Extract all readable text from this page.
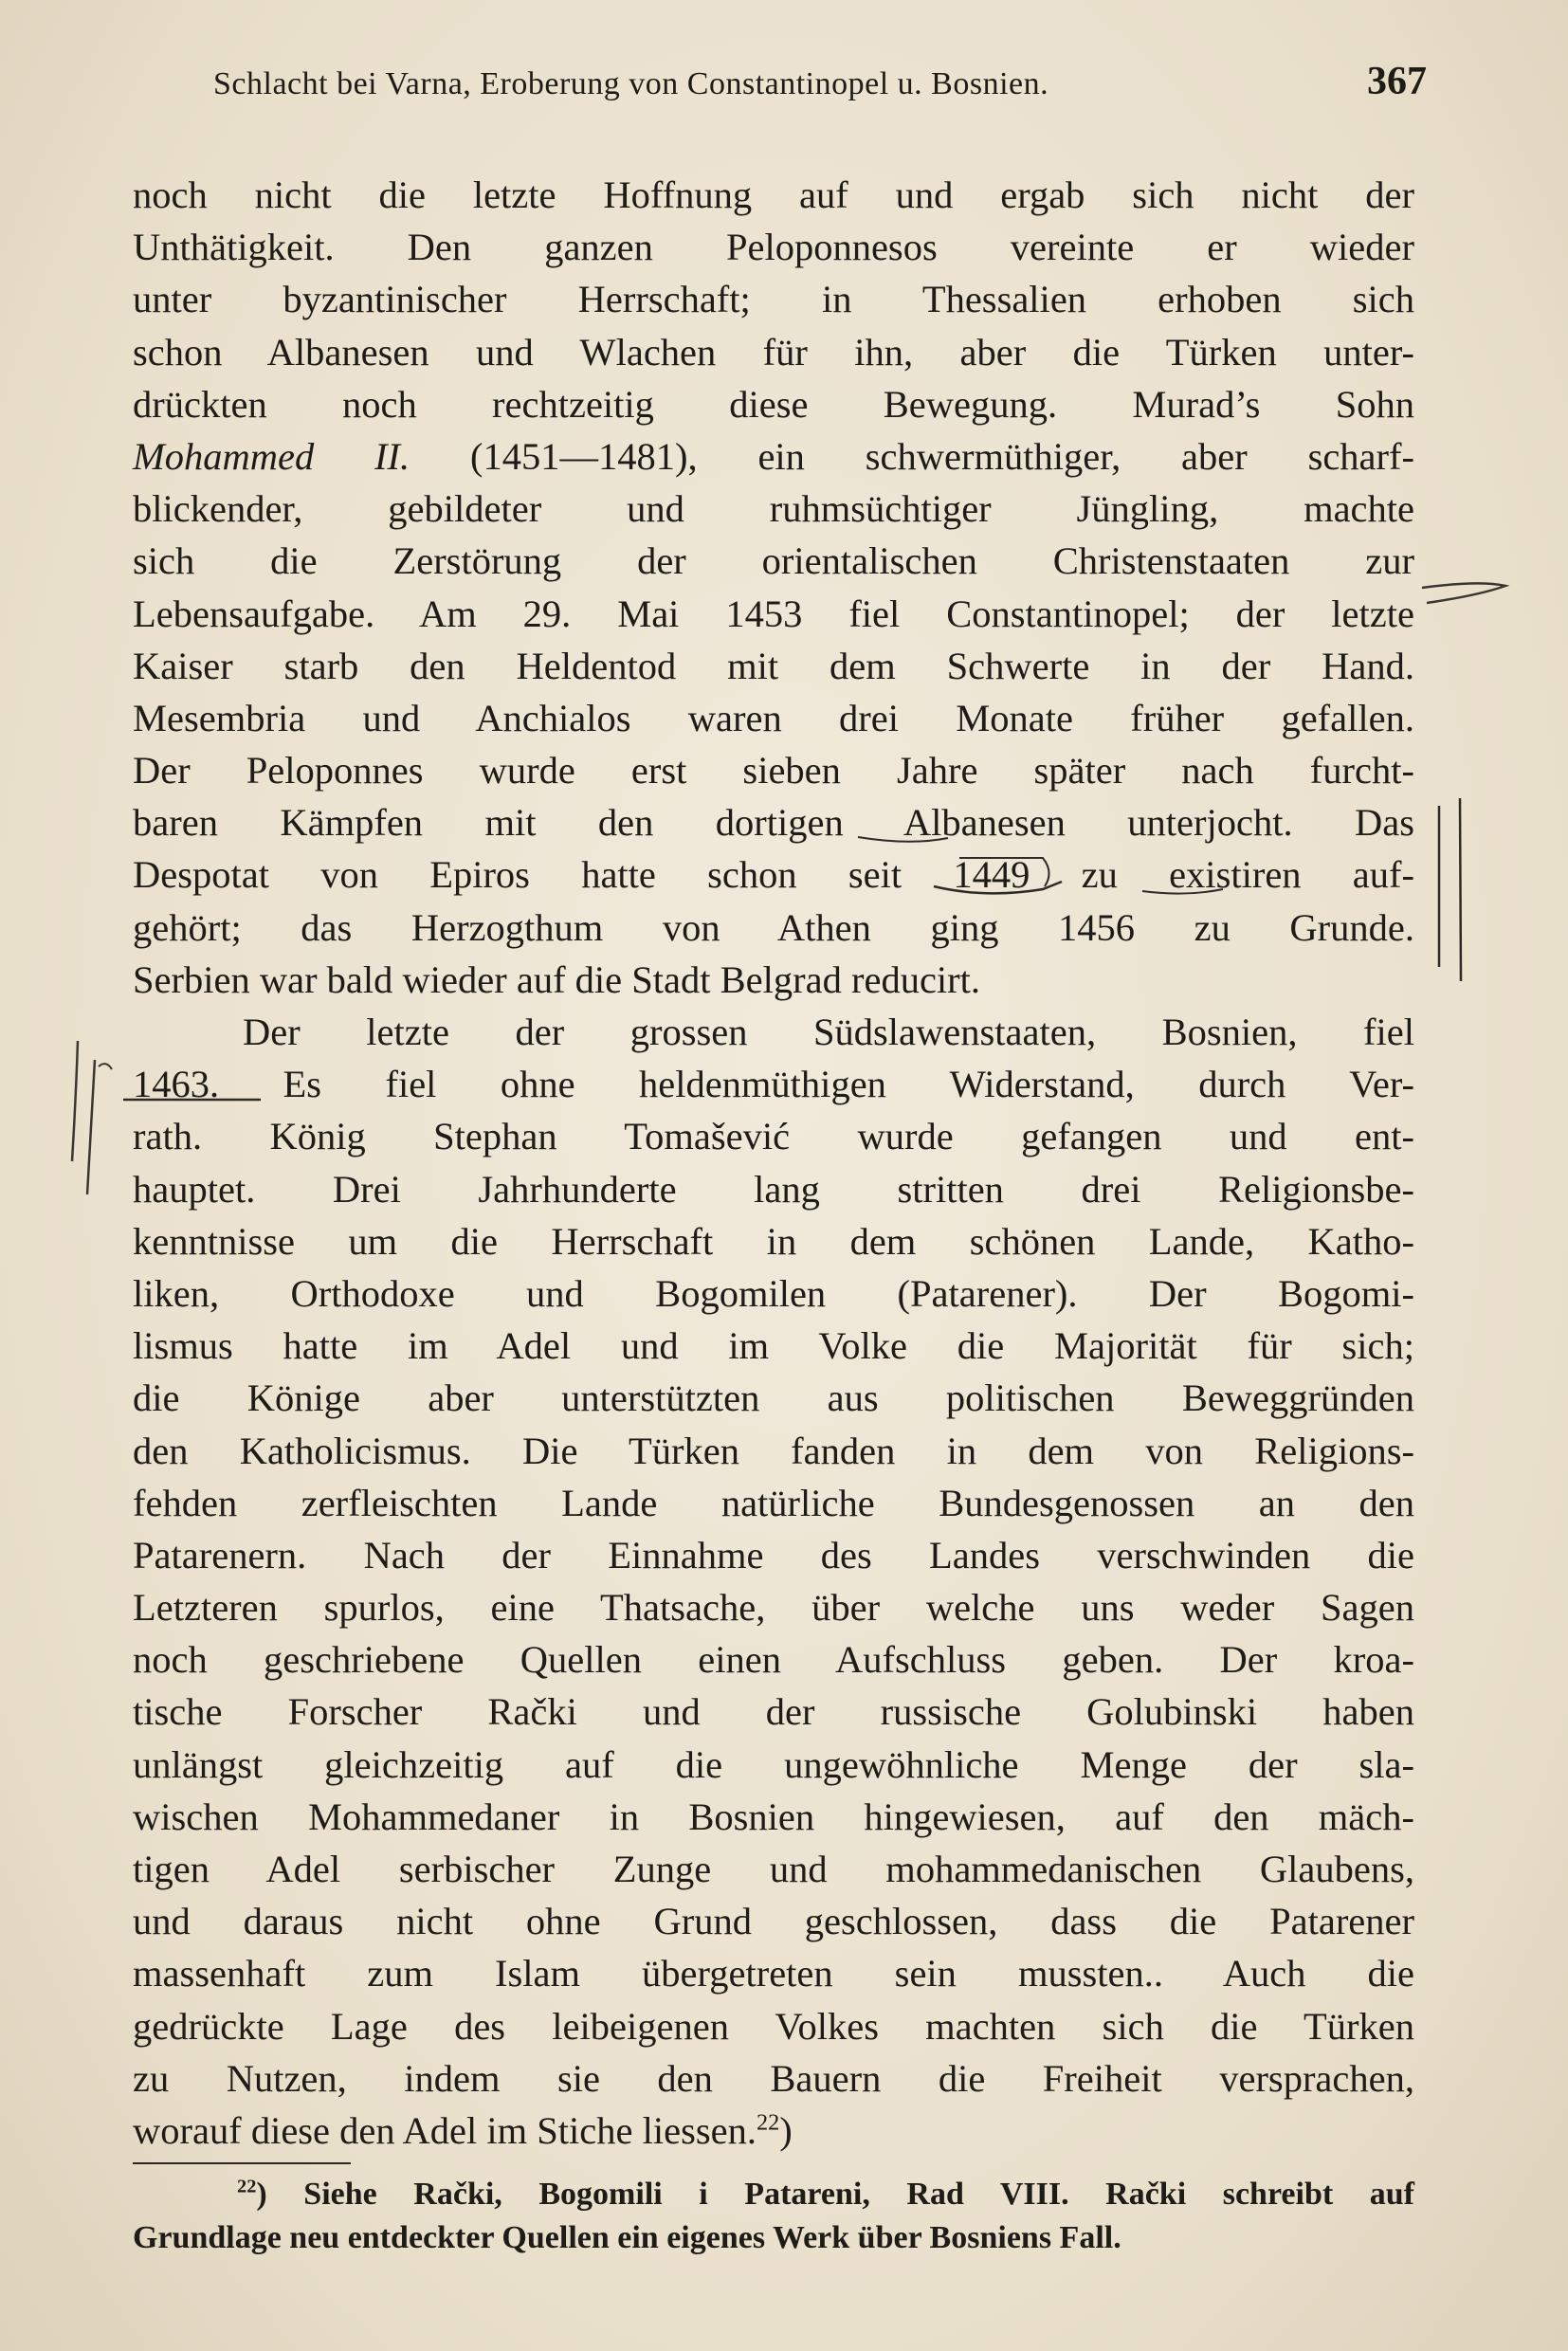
Schlacht bei Varna, Eroberung von Constantinopel u. Bosnien.	367
noch nicht die letzte Hoffnung auf und ergab sich nicht der
Unthätigkeit. Den ganzen Peloponnesos vereinte er wieder
unter byzantinischer Herrschaft; in Thessalien erhoben sich
schon Albanesen und Wlachen für ihn, aber die Türken unter-
drückten noch rechtzeitig diese Bewegung. Murad’s Sohn
Mohammed II. (1451—1481), ein schwermüthiger, aber scharf-
blickender, gebildeter und ruhmsüchtiger Jüngling, machte
sich die Zerstörung der orientalischen Christenstaaten zur
Lebensaufgabe. Am 29. Mai 1453 fiel Constantinopel; der letzte
Kaiser starb den Heldentod mit dem Schwerte in der Hand.
Mesembria und Anchialos waren drei Monate früher gefallen.
Der Peloponnes wurde erst sieben Jahre später nach furcht-
baren Kämpfen mit den dortigen Albanesen unterjocht. Das
Despotat von Epiros hatte schon seit 1449 zu existiren auf-
gehört; das Herzogthum von Athen ging 1456 zu Grunde.
Serbien war bald wieder auf die Stadt Belgrad reducirt.
Der letzte der grossen Südslawenstaaten, Bosnien, fiel
1463. Es fiel ohne heldenmüthigen Widerstand, durch Ver-
rath. König Stephan Tomašević wurde gefangen und ent-
hauptet. Drei Jahrhunderte lang stritten drei Religionsbe-
kenntnisse um die Herrschaft in dem schönen Lande, Katho-
liken, Orthodoxe und Bogomilen (Patarener). Der Bogomi-
lismus hatte im Adel und im Volke die Majorität für sich;
die Könige aber unterstützten aus politischen Beweggründen
den Katholicismus. Die Türken fanden in dem von Religions-
fehden zerfleischten Lande natürliche Bundesgenossen an den
Patarenern. Nach der Einnahme des Landes verschwinden die
Letzteren spurlos, eine Thatsache, über welche uns weder Sagen
noch geschriebene Quellen einen Aufschluss geben. Der kroa-
tische Forscher Rački und der russische Golubinski haben
unlängst gleichzeitig auf die ungewöhnliche Menge der sla-
wischen Mohammedaner in Bosnien hingewiesen, auf den mäch-
tigen Adel serbischer Zunge und mohammedanischen Glaubens,
und daraus nicht ohne Grund geschlossen, dass die Patarener
massenhaft zum Islam übergetreten sein mussten.. Auch die
gedrückte Lage des leibeigenen Volkes machten sich die Türken
zu Nutzen, indem sie den Bauern die Freiheit versprachen,
worauf diese den Adel im Stiche liessen.$^{22}$)
$^{22}$) Siehe Rački, Bogomili i Patareni, Rad VIII. Rački schreibt auf
Grundlage neu entdeckter Quellen ein eigenes Werk über Bosniens Fall.
